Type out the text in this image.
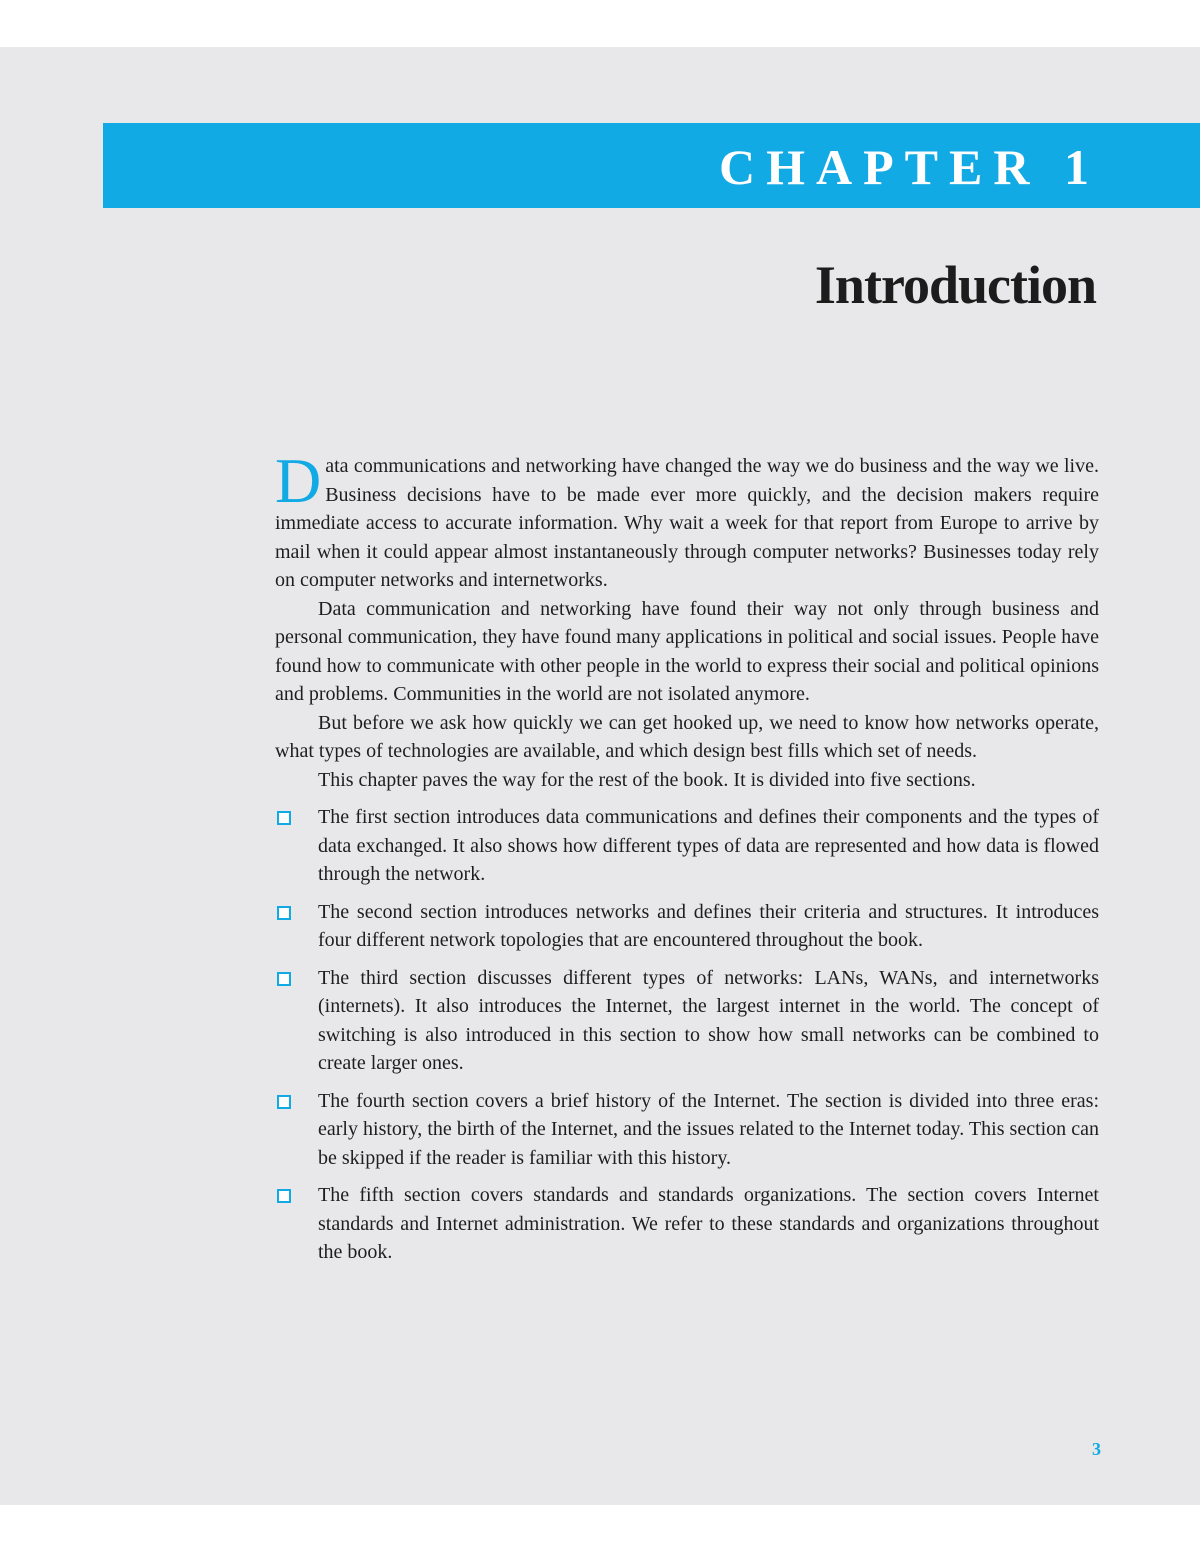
CHAPTER 1
Introduction

Data communications and networking have changed the way we do business and the way we live. Business decisions have to be made ever more quickly, and the decision makers require immediate access to accurate information. Why wait a week for that report from Europe to arrive by mail when it could appear almost instantaneously through computer networks? Businesses today rely on computer networks and internetworks.

Data communication and networking have found their way not only through business and personal communication, they have found many applications in political and social issues. People have found how to communicate with other people in the world to express their social and political opinions and problems. Communities in the world are not isolated anymore.

But before we ask how quickly we can get hooked up, we need to know how networks operate, what types of technologies are available, and which design best fills which set of needs.

This chapter paves the way for the rest of the book. It is divided into five sections.

The first section introduces data communications and defines their components and the types of data exchanged. It also shows how different types of data are represented and how data is flowed through the network.
The second section introduces networks and defines their criteria and structures. It introduces four different network topologies that are encountered throughout the book.
The third section discusses different types of networks: LANs, WANs, and internetworks (internets). It also introduces the Internet, the largest internet in the world. The concept of switching is also introduced in this section to show how small networks can be combined to create larger ones.
The fourth section covers a brief history of the Internet. The section is divided into three eras: early history, the birth of the Internet, and the issues related to the Internet today. This section can be skipped if the reader is familiar with this history.
The fifth section covers standards and standards organizations. The section covers Internet standards and Internet administration. We refer to these standards and organizations throughout the book.
3
